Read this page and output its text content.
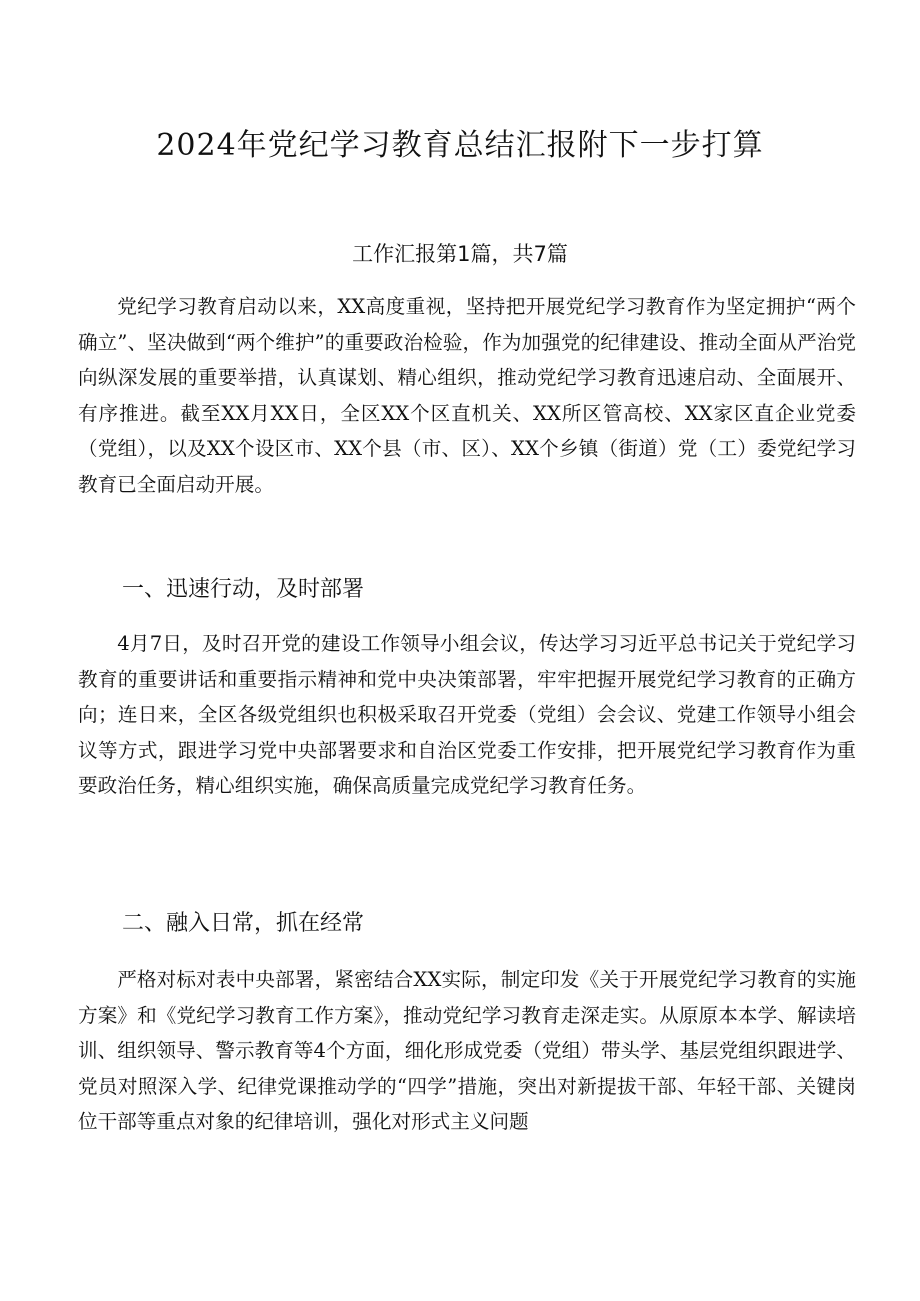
2024年党纪学习教育总结汇报附下一步打算
工作汇报第1篇，共7篇

党纪学习教育启动以来，XX高度重视，坚持把开展党纪学习教育作为坚定拥护“两个确立”、坚决做到“两个维护”的重要政治检验，作为加强党的纪律建设、推动全面从严治党向纵深发展的重要举措，认真谋划、精心组织，推动党纪学习教育迅速启动、全面展开、有序推进。截至XX月XX日，全区XX个区直机关、XX所区管高校、XX家区直企业党委（党组），以及XX个设区市、XX个县（市、区）、XX个乡镇（街道）党（工）委党纪学习教育已全面启动开展。

一、迅速行动，及时部署

4月7日，及时召开党的建设工作领导小组会议，传达学习习近平总书记关于党纪学习教育的重要讲话和重要指示精神和党中央决策部署，牢牢把握开展党纪学习教育的正确方向；连日来，全区各级党组织也积极采取召开党委（党组）会会议、党建工作领导小组会议等方式，跟进学习党中央部署要求和自治区党委工作安排，把开展党纪学习教育作为重要政治任务，精心组织实施，确保高质量完成党纪学习教育任务。

二、融入日常，抓在经常

严格对标对表中央部署，紧密结合XX实际，制定印发《关于开展党纪学习教育的实施方案》和《党纪学习教育工作方案》，推动党纪学习教育走深走实。从原原本本学、解读培训、组织领导、警示教育等4个方面，细化形成党委（党组）带头学、基层党组织跟进学、党员对照深入学、纪律党课推动学的“四学”措施，突出对新提拔干部、年轻干部、关键岗位干部等重点对象的纪律培训，强化对形式主义问题
